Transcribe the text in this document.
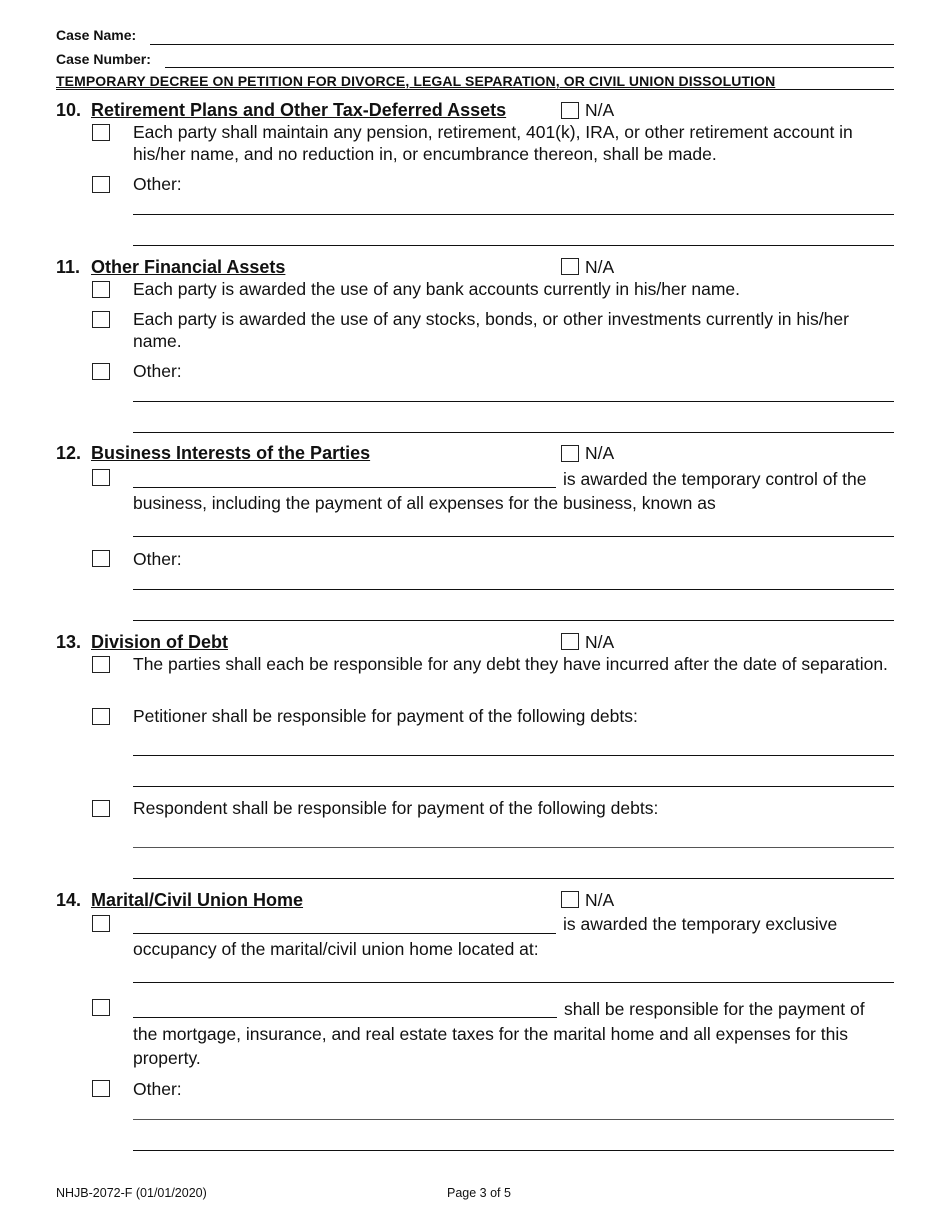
Case Name:
Case Number:
TEMPORARY DECREE ON PETITION FOR DIVORCE, LEGAL SEPARATION, OR CIVIL UNION DISSOLUTION
10. Retirement Plans and Other Tax-Deferred Assets	N/A
Each party shall maintain any pension, retirement, 401(k), IRA, or other retirement account in his/her name, and no reduction in, or encumbrance thereon, shall be made.
Other:
11. Other Financial Assets	N/A
Each party is awarded the use of any bank accounts currently in his/her name.
Each party is awarded the use of any stocks, bonds, or other investments currently in his/her name.
Other:
12. Business Interests of the Parties	N/A
is awarded the temporary control of the
business, including the payment of all expenses for the business, known as
Other:
13. Division of Debt	N/A
The parties shall each be responsible for any debt they have incurred after the date of separation.
Petitioner shall be responsible for payment of the following debts:
Respondent shall be responsible for payment of the following debts:
14. Marital/Civil Union Home	N/A
is awarded the temporary exclusive
occupancy of the marital/civil union home located at:
shall be responsible for the payment of
the mortgage, insurance, and real estate taxes for the marital home and all expenses for this property.
Other:
NHJB-2072-F (01/01/2020)	Page 3 of 5
